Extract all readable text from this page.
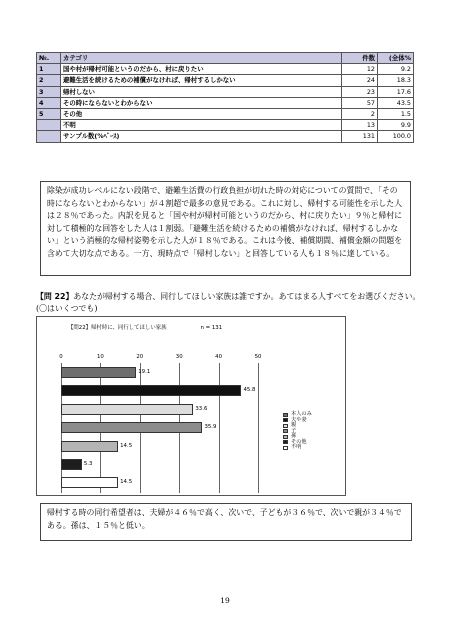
№.	カテゴリ	件数	(全体%
1	国や村が帰村可能というのだから、村に戻りたい	12	9.2
2	避難生活を続けるための補償がなければ、帰村するしかない	24	18.3
3	帰村しない	23	17.6
4	その時にならないとわからない	57	43.5
5	その他	2	1.5
	不明	13	9.9
	サンプル数(%ﾍﾞｰｽ)	131	100.0
除染が成功レベルにない段階で、避難生活費の行政負担が切れた時の対応についての質問で、「その時にならないとわからない」が４割超で最多の意見である。これに対し、帰村する可能性を示した人は２８％であった。内訳を見ると「国や村が帰村可能というのだから、村に戻りたい」９％と帰村に対して積極的な回答をした人は１割弱。「避難生活を続けるための補償がなければ、帰村するしかない」という消極的な帰村姿勢を示した人が１８％である。これは今後、補償期間、補償金額の問題を含めて大切な点である。一方、現時点で「帰村しない」と回答している人も１８％に達している。
【問 22】あなたが帰村する場合、同行してほしい家族は誰ですか。あてはまる人すべてをお選びください。(〇はいくつでも)
【問22】帰村時に、同行してほしい家族	n = 131
0	10	20	30	40	50
19.1
45.8
33.6
35.9
14.5
5.3
14.5
本人のみ
夫や妻
親
子
孫
その他
不明
帰村する時の同行希望者は、夫婦が４６％で高く、次いで、子どもが３６％で、次いで親が３４％である。孫は、１５％と低い。
19
